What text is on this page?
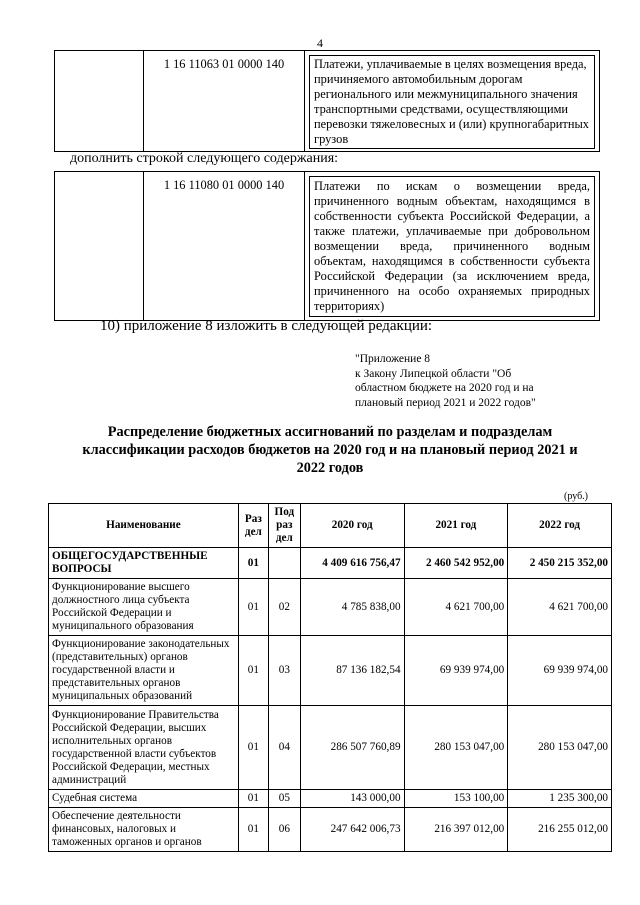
4
	1 16 11063 01 0000 140	Платежи, уплачиваемые в целях возмещения вреда, причиняемого автомобильным дорогам регионального или межмуниципального значения транспортными средствами, осуществляющими перевозки тяжеловесных и (или) крупногабаритных грузов
дополнить строкой следующего содержания:
	1 16 11080 01 0000 140	Платежи по искам о возмещении вреда, причиненного водным объектам, находящимся в собственности субъекта Российской Федерации, а также платежи, уплачиваемые при добровольном возмещении вреда, причиненного водным объектам, находящимся в собственности субъекта Российской Федерации (за исключением вреда, причиненного на особо охраняемых природных территориях)
10) приложение 8 изложить в следующей редакции:
"Приложение 8
к Закону Липецкой области "Об
областном бюджете на 2020 год и на
плановый период 2021 и 2022 годов"
Распределение бюджетных ассигнований по разделам и подразделам
классификации расходов бюджетов на 2020 год и на плановый период 2021 и
2022 годов
(руб.)
Наименование	Раз дел	Под раз дел	2020 год	2021 год	2022 год
ОБЩЕГОСУДАРСТВЕННЫЕ ВОПРОСЫ	01		4 409 616 756,47	2 460 542 952,00	2 450 215 352,00
Функционирование высшего должностного лица субъекта Российской Федерации и муниципального образования	01	02	4 785 838,00	4 621 700,00	4 621 700,00
Функционирование законодательных (представительных) органов государственной власти и представительных органов муниципальных образований	01	03	87 136 182,54	69 939 974,00	69 939 974,00
Функционирование Правительства Российской Федерации, высших исполнительных органов государственной власти субъектов Российской Федерации, местных администраций	01	04	286 507 760,89	280 153 047,00	280 153 047,00
Судебная система	01	05	143 000,00	153 100,00	1 235 300,00
Обеспечение деятельности финансовых, налоговых и таможенных органов и органов	01	06	247 642 006,73	216 397 012,00	216 255 012,00
